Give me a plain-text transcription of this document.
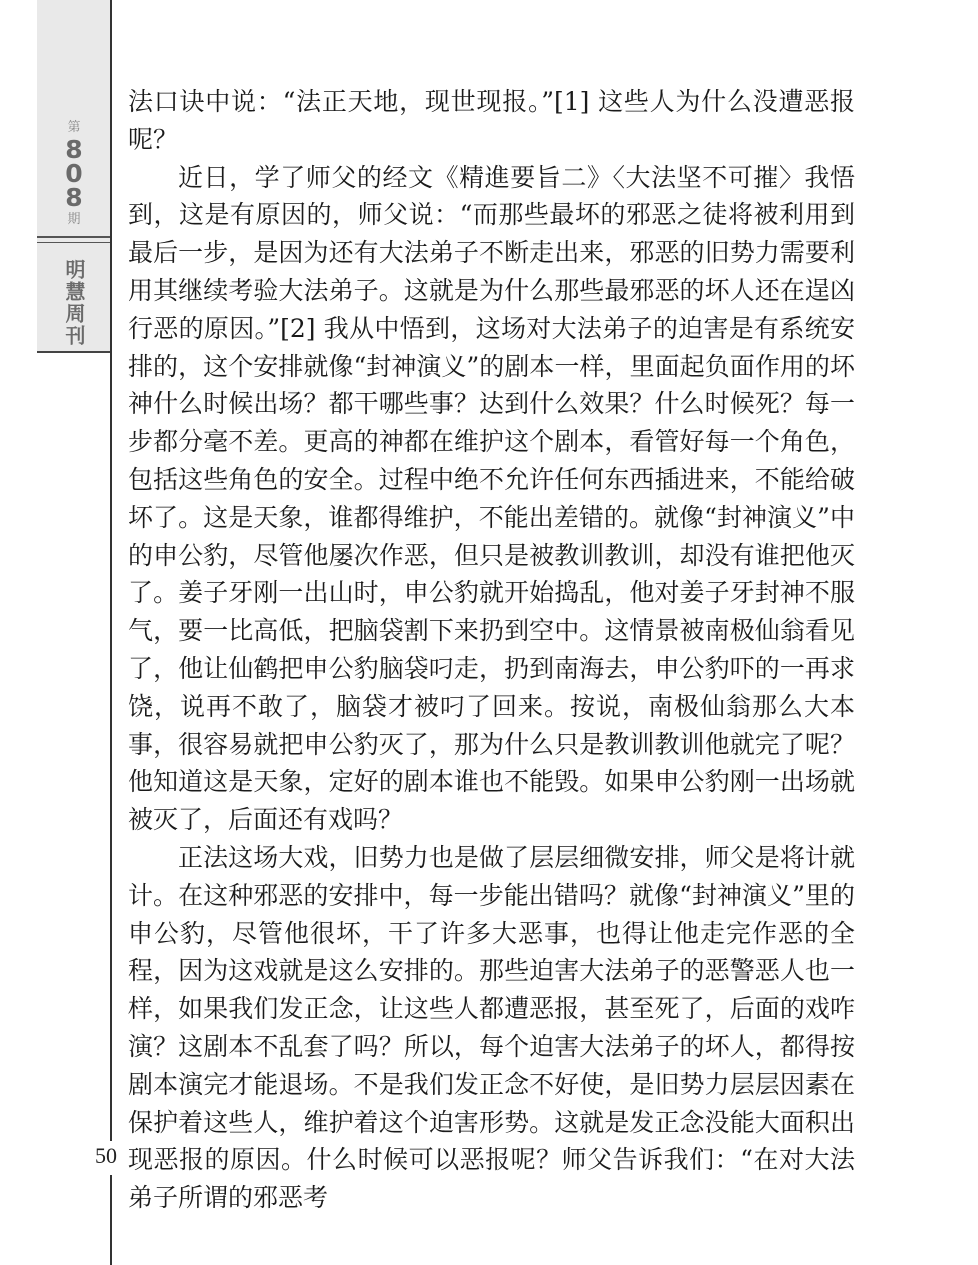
第
808
期
明慧周刊
50

法口诀中说：“法正天地，现世现报。”[1] 这些人为什么没遭恶报呢？

近日，学了师父的经文《精進要旨二》〈大法坚不可摧〉我悟到，这是有原因的，师父说：“而那些最坏的邪恶之徒将被利用到最后一步，是因为还有大法弟子不断走出来，邪恶的旧势力需要利用其继续考验大法弟子。这就是为什么那些最邪恶的坏人还在逞凶行恶的原因。”[2] 我从中悟到，这场对大法弟子的迫害是有系统安排的，这个安排就像“封神演义”的剧本一样，里面起负面作用的坏神什么时候出场？都干哪些事？达到什么效果？什么时候死？每一步都分毫不差。更高的神都在维护这个剧本，看管好每一个角色，包括这些角色的安全。过程中绝不允许任何东西插进来，不能给破坏了。这是天象，谁都得维护，不能出差错的。就像“封神演义”中的申公豹，尽管他屡次作恶，但只是被教训教训，却没有谁把他灭了。姜子牙刚一出山时，申公豹就开始捣乱，他对姜子牙封神不服气，要一比高低，把脑袋割下来扔到空中。这情景被南极仙翁看见了，他让仙鹤把申公豹脑袋叼走，扔到南海去，申公豹吓的一再求饶，说再不敢了，脑袋才被叼了回来。按说，南极仙翁那么大本事，很容易就把申公豹灭了，那为什么只是教训教训他就完了呢？他知道这是天象，定好的剧本谁也不能毁。如果申公豹刚一出场就被灭了，后面还有戏吗？

正法这场大戏，旧势力也是做了层层细微安排，师父是将计就计。在这种邪恶的安排中，每一步能出错吗？就像“封神演义”里的申公豹，尽管他很坏，干了许多大恶事，也得让他走完作恶的全程，因为这戏就是这么安排的。那些迫害大法弟子的恶警恶人也一样，如果我们发正念，让这些人都遭恶报，甚至死了，后面的戏咋演？这剧本不乱套了吗？所以，每个迫害大法弟子的坏人，都得按剧本演完才能退场。不是我们发正念不好使，是旧势力层层因素在保护着这些人，维护着这个迫害形势。这就是发正念没能大面积出现恶报的原因。什么时候可以恶报呢？师父告诉我们：“在对大法弟子所谓的邪恶考
